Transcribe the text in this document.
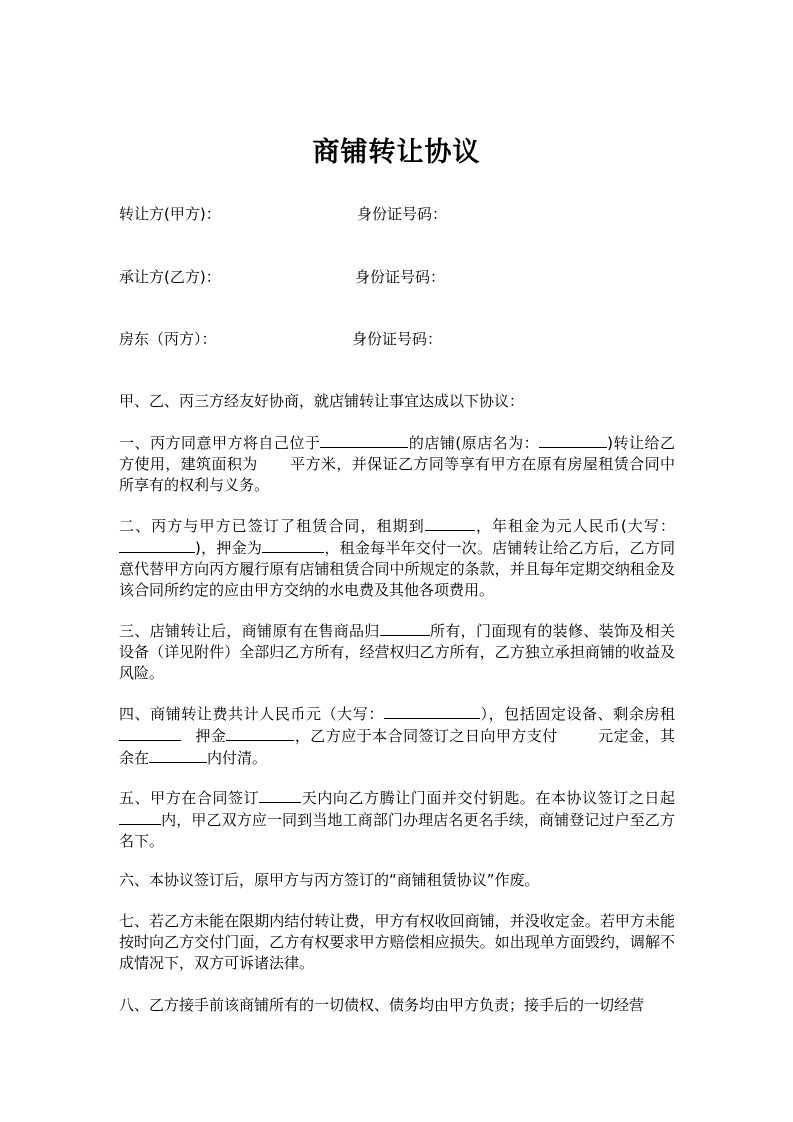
商铺转让协议
转让方(甲方)：	身份证号码：
承让方(乙方)：	身份证号码：
房东（丙方）：	身份证号码：
甲、乙、丙三方经友好协商，就店铺转让事宜达成以下协议：
一、丙方同意甲方将自己位于	的店铺(原店名为：	)转让给乙方使用，建筑面积为 平方米，并保证乙方同等享有甲方在原有房屋租赁合同中所享有的权利与义务。
二、丙方与甲方已签订了租赁合同，租期到	，年租金为元人民币(大写：)，押金为	，租金每半年交付一次。店铺转让给乙方后，乙方同意代替甲方向丙方履行原有店铺租赁合同中所规定的条款，并且每年定期交纳租金及该合同所约定的应由甲方交纳的水电费及其他各项费用。
三、店铺转让后，商铺原有在售商品归	所有，门面现有的装修、装饰及相关设备（详见附件）全部归乙方所有，经营权归乙方所有，乙方独立承担商铺的收益及风险。
四、商铺转让费共计人民币元（大写：	），包括固定设备、剩余房租押金	，乙方应于本合同签订之日向甲方支付	元定金，其余在	内付清。
五、甲方在合同签订	天内向乙方腾让门面并交付钥匙。在本协议签订之日起内，甲乙双方应一同到当地工商部门办理店名更名手续，商铺登记过户至乙方名下。
六、本协议签订后，原甲方与丙方签订的“商铺租赁协议”作废。
七、若乙方未能在限期内结付转让费，甲方有权收回商铺，并没收定金。若甲方未能按时向乙方交付门面，乙方有权要求甲方赔偿相应损失。如出现单方面毁约，调解不成情况下，双方可诉诸法律。
八、乙方接手前该商铺所有的一切债权、债务均由甲方负责；接手后的一切经营
